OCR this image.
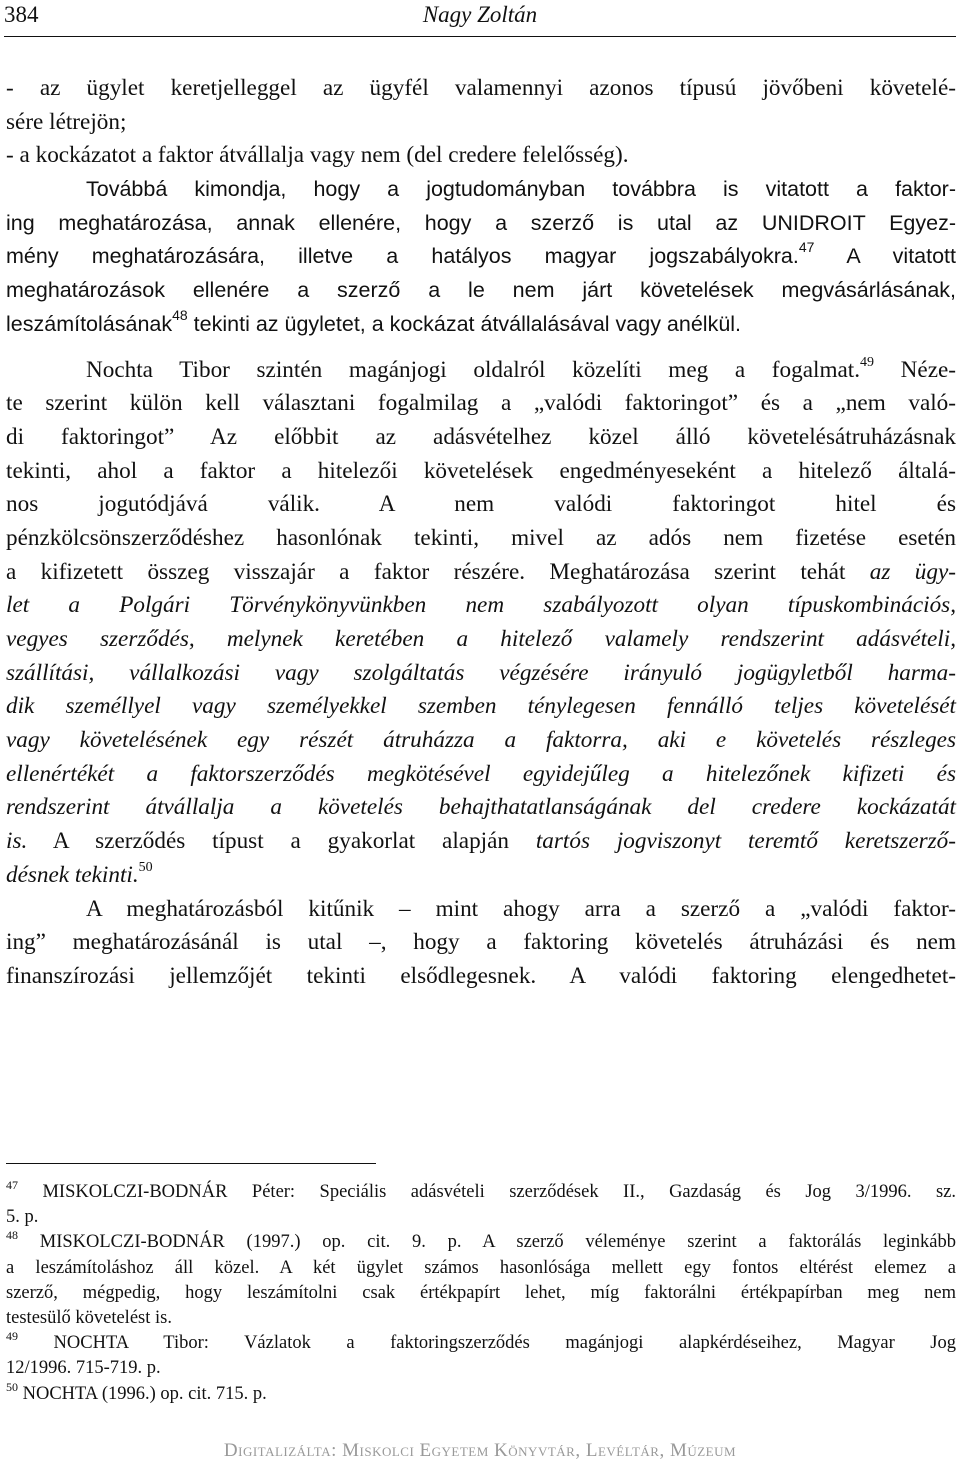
384	Nagy Zoltán
- az ügylet keretjelleggel az ügyfél valamennyi azonos típusú jövőbeni követelé-
sére létrejön;
- a kockázatot a faktor átvállalja vagy nem (del credere felelősség).
Továbbá kimondja, hogy a jogtudományban továbbra is vitatott a faktor-
ing meghatározása, annak ellenére, hogy a szerző is utal az UNIDROIT Egyez-
mény meghatározására, illetve a hatályos magyar jogszabályokra.$^{47}$ A vitatott
meghatározások ellenére a szerző a le nem járt követelések megvásárlásának,
leszámítolásának$^{48}$ tekinti az ügyletet, a kockázat átvállalásával vagy anélkül.
Nochta Tibor szintén magánjogi oldalról közelíti meg a fogalmat.$^{49}$ Néze-
te szerint külön kell választani fogalmilag a „valódi faktoringot” és a „nem való-
di faktoringot” Az előbbit az adásvételhez közel álló követelésátruházásnak
tekinti, ahol a faktor a hitelezői követelések engedményeseként a hitelező általá-
nos jogutódjává válik. A nem valódi faktoringot hitel és
pénzkölcsönszerződéshez hasonlónak tekinti, mivel az adós nem fizetése esetén
a kifizetett összeg visszajár a faktor részére. Meghatározása szerint tehát az ügy-
let a Polgári Törvénykönyvünkben nem szabályozott olyan típuskombinációs,
vegyes szerződés, melynek keretében a hitelező valamely rendszerint adásvételi,
szállítási, vállalkozási vagy szolgáltatás végzésére irányuló jogügyletből harma-
dik személlyel vagy személyekkel szemben ténylegesen fennálló teljes követelését
vagy követelésének egy részét átruházza a faktorra, aki e követelés részleges
ellenértékét a faktorszerződés megkötésével egyidejűleg a hitelezőnek kifizeti és
rendszerint átvállalja a követelés behajthatatlanságának del credere kockázatát
is. A szerződés típust a gyakorlat alapján tartós jogviszonyt teremtő keretszerző-
désnek tekinti.$^{50}$
A meghatározásból kitűnik – mint ahogy arra a szerző a „valódi faktor-
ing” meghatározásánál is utal –, hogy a faktoring követelés átruházási és nem
finanszírozási jellemzőjét tekinti elsődlegesnek. A valódi faktoring elengedhetet-
$^{47}$ MISKOLCZI-BODNÁR Péter: Speciális adásvételi szerződések II., Gazdaság és Jog 3/1996. sz.
5. p.
$^{48}$ MISKOLCZI-BODNÁR (1997.) op. cit. 9. p. A szerző véleménye szerint a faktorálás leginkább
a leszámítoláshoz áll közel. A két ügylet számos hasonlósága mellett egy fontos eltérést elemez a
szerző, mégpedig, hogy leszámítolni csak értékpapírt lehet, míg faktorálni értékpapírban meg nem
testesülő követelést is.
$^{49}$ NOCHTA Tibor: Vázlatok a faktoringszerződés magánjogi alapkérdéseihez, Magyar Jog
12/1996. 715-719. p.
$^{50}$ NOCHTA (1996.) op. cit. 715. p.
Digitalizálta: Miskolci Egyetem Könyvtár, Levéltár, Múzeum
